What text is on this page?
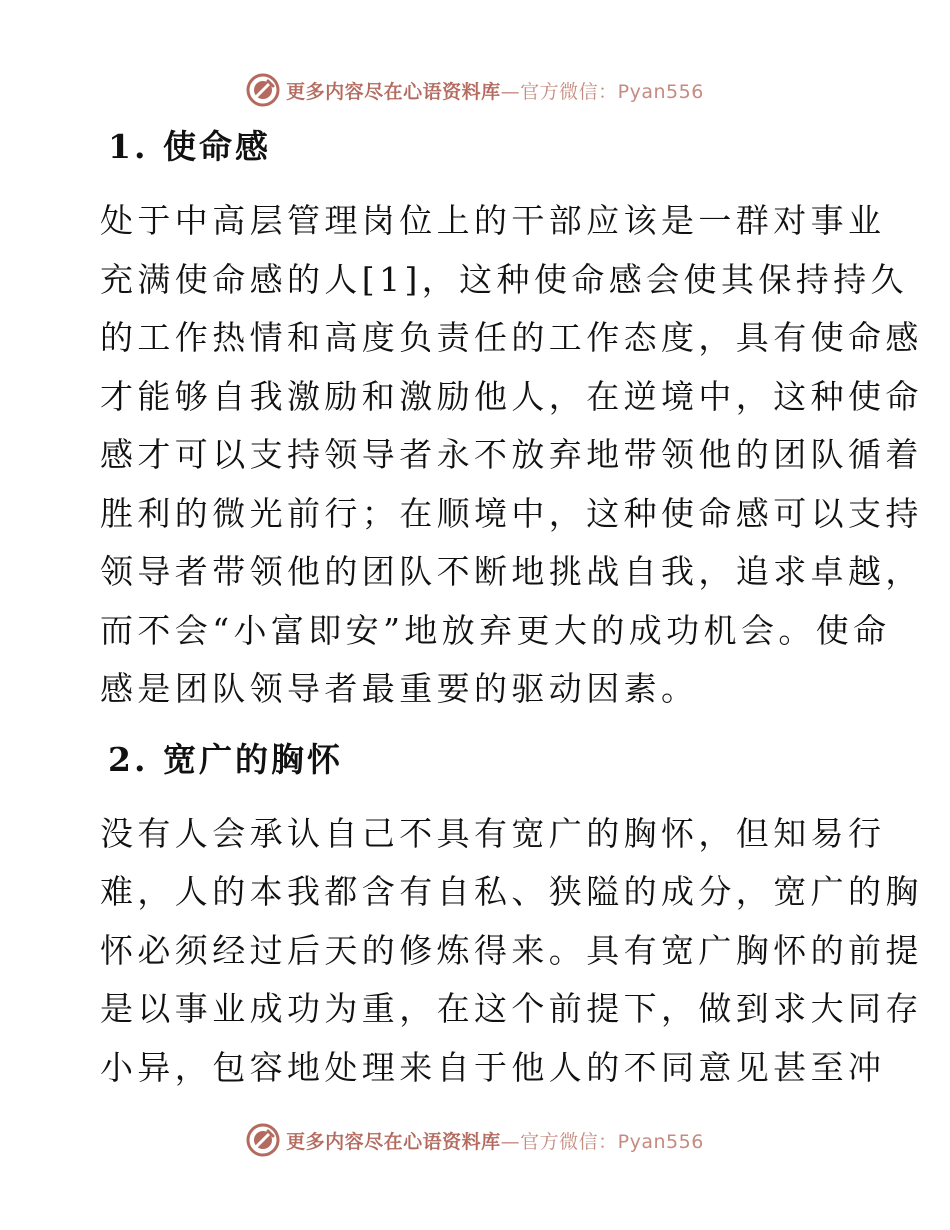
更多内容尽在心语资料库—官方微信：Pyan556
1. 使命感

处于中高层管理岗位上的干部应该是一群对事业
充满使命感的人[1]，这种使命感会使其保持持久
的工作热情和高度负责任的工作态度，具有使命感
才能够自我激励和激励他人，在逆境中，这种使命
感才可以支持领导者永不放弃地带领他的团队循着
胜利的微光前行；在顺境中，这种使命感可以支持
领导者带领他的团队不断地挑战自我，追求卓越，
而不会“小富即安”地放弃更大的成功机会。使命
感是团队领导者最重要的驱动因素。

2. 宽广的胸怀

没有人会承认自己不具有宽广的胸怀，但知易行
难，人的本我都含有自私、狭隘的成分，宽广的胸
怀必须经过后天的修炼得来。具有宽广胸怀的前提
是以事业成功为重，在这个前提下，做到求大同存
小异，包容地处理来自于他人的不同意见甚至冲

更多内容尽在心语资料库—官方微信：Pyan556
